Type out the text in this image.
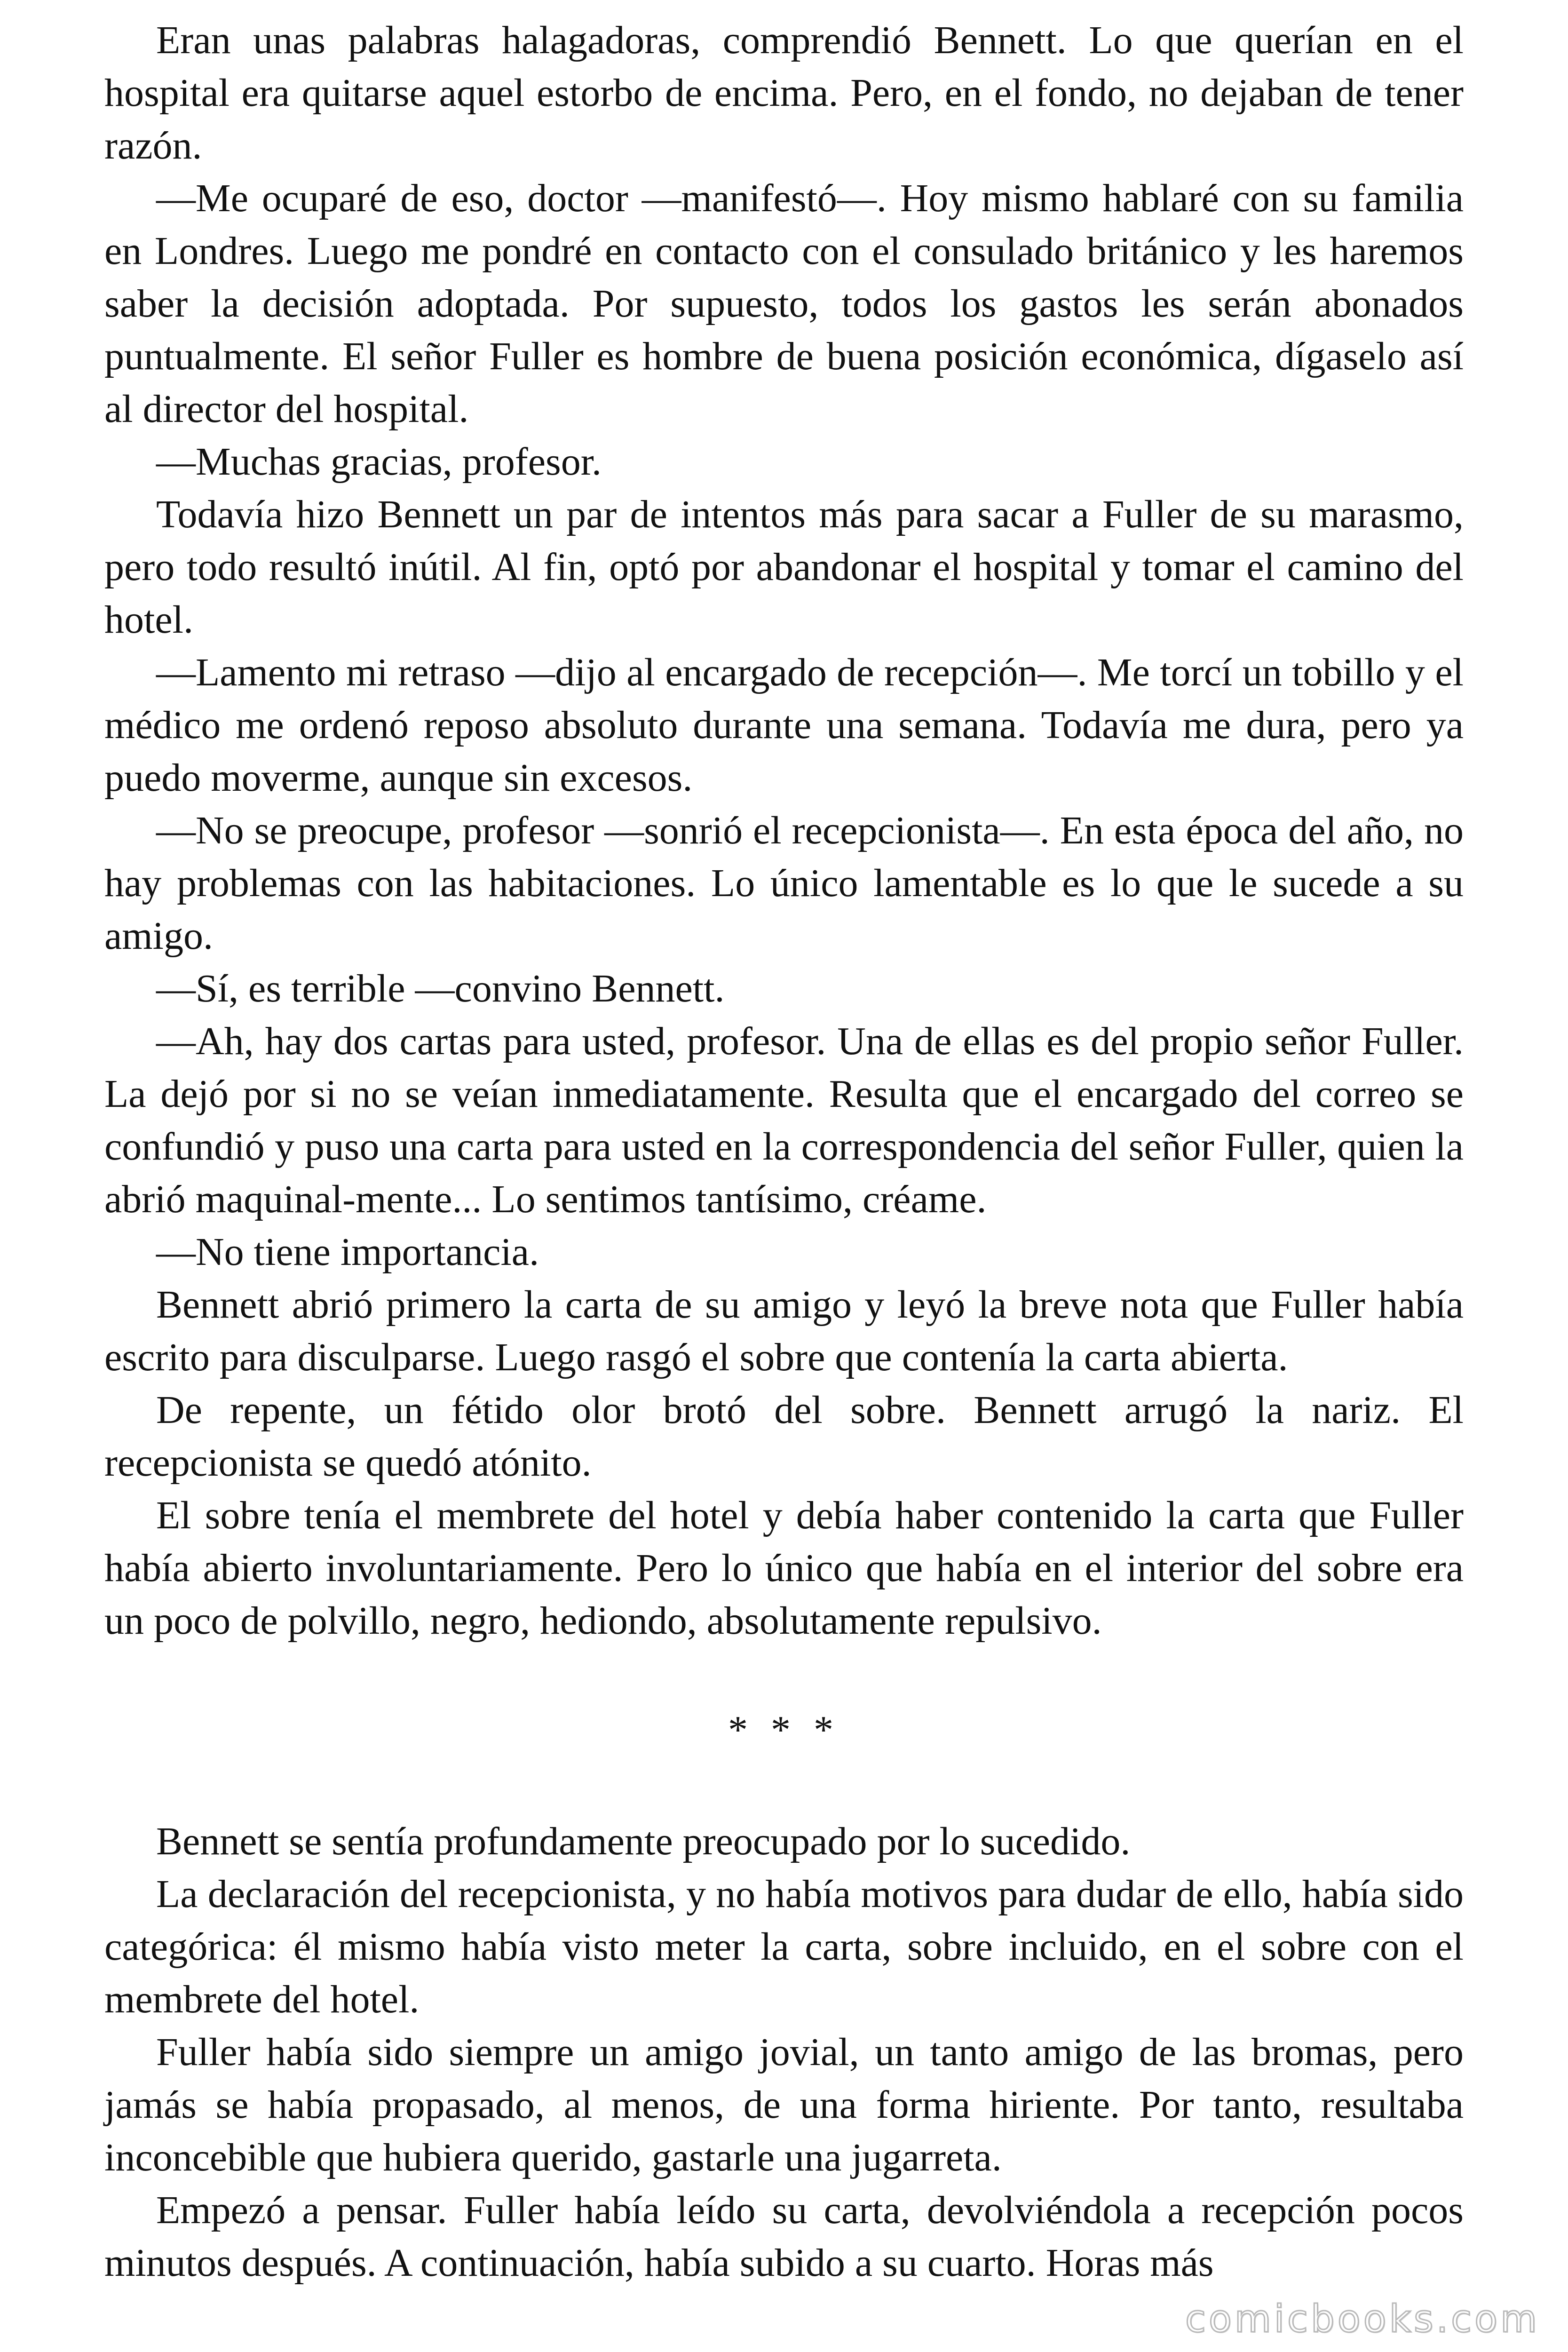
Eran unas palabras halagadoras, comprendió Bennett. Lo que querían en el hospital era quitarse aquel estorbo de encima. Pero, en el fondo, no dejaban de tener razón.

—Me ocuparé de eso, doctor —manifestó—. Hoy mismo hablaré con su familia en Londres. Luego me pondré en contacto con el consulado británico y les haremos saber la decisión adoptada. Por supuesto, todos los gastos les serán abonados puntualmente. El señor Fuller es hombre de buena posición económica, dígaselo así al director del hospital.

—Muchas gracias, profesor.

Todavía hizo Bennett un par de intentos más para sacar a Fuller de su marasmo, pero todo resultó inútil. Al fin, optó por abandonar el hospital y tomar el camino del hotel.

—Lamento mi retraso —dijo al encargado de recepción—. Me torcí un tobillo y el médico me ordenó reposo absoluto durante una semana. Todavía me dura, pero ya puedo moverme, aunque sin excesos.

—No se preocupe, profesor —sonrió el recepcionista—. En esta época del año, no hay problemas con las habitaciones. Lo único lamentable es lo que le sucede a su amigo.

—Sí, es terrible —convino Bennett.

—Ah, hay dos cartas para usted, profesor. Una de ellas es del propio señor Fuller. La dejó por si no se veían inmediatamente. Resulta que el encargado del correo se confundió y puso una carta para usted en la correspondencia del señor Fuller, quien la abrió maquinal-mente... Lo sentimos tantísimo, créame.

—No tiene importancia.

Bennett abrió primero la carta de su amigo y leyó la breve nota que Fuller había escrito para disculparse. Luego rasgó el sobre que contenía la carta abierta.

De repente, un fétido olor brotó del sobre. Bennett arrugó la nariz. El recepcionista se quedó atónito.

El sobre tenía el membrete del hotel y debía haber contenido la carta que Fuller había abierto involuntariamente. Pero lo único que había en el interior del sobre era un poco de polvillo, negro, hediondo, absolutamente repulsivo.

* * *

Bennett se sentía profundamente preocupado por lo sucedido.

La declaración del recepcionista, y no había motivos para dudar de ello, había sido categórica: él mismo había visto meter la carta, sobre incluido, en el sobre con el membrete del hotel.

Fuller había sido siempre un amigo jovial, un tanto amigo de las bromas, pero jamás se había propasado, al menos, de una forma hiriente. Por tanto, resultaba inconcebible que hubiera querido, gastarle una jugarreta.

Empezó a pensar. Fuller había leído su carta, devolviéndola a recepción pocos minutos después. A continuación, había subido a su cuarto. Horas más

comicbooks.com
